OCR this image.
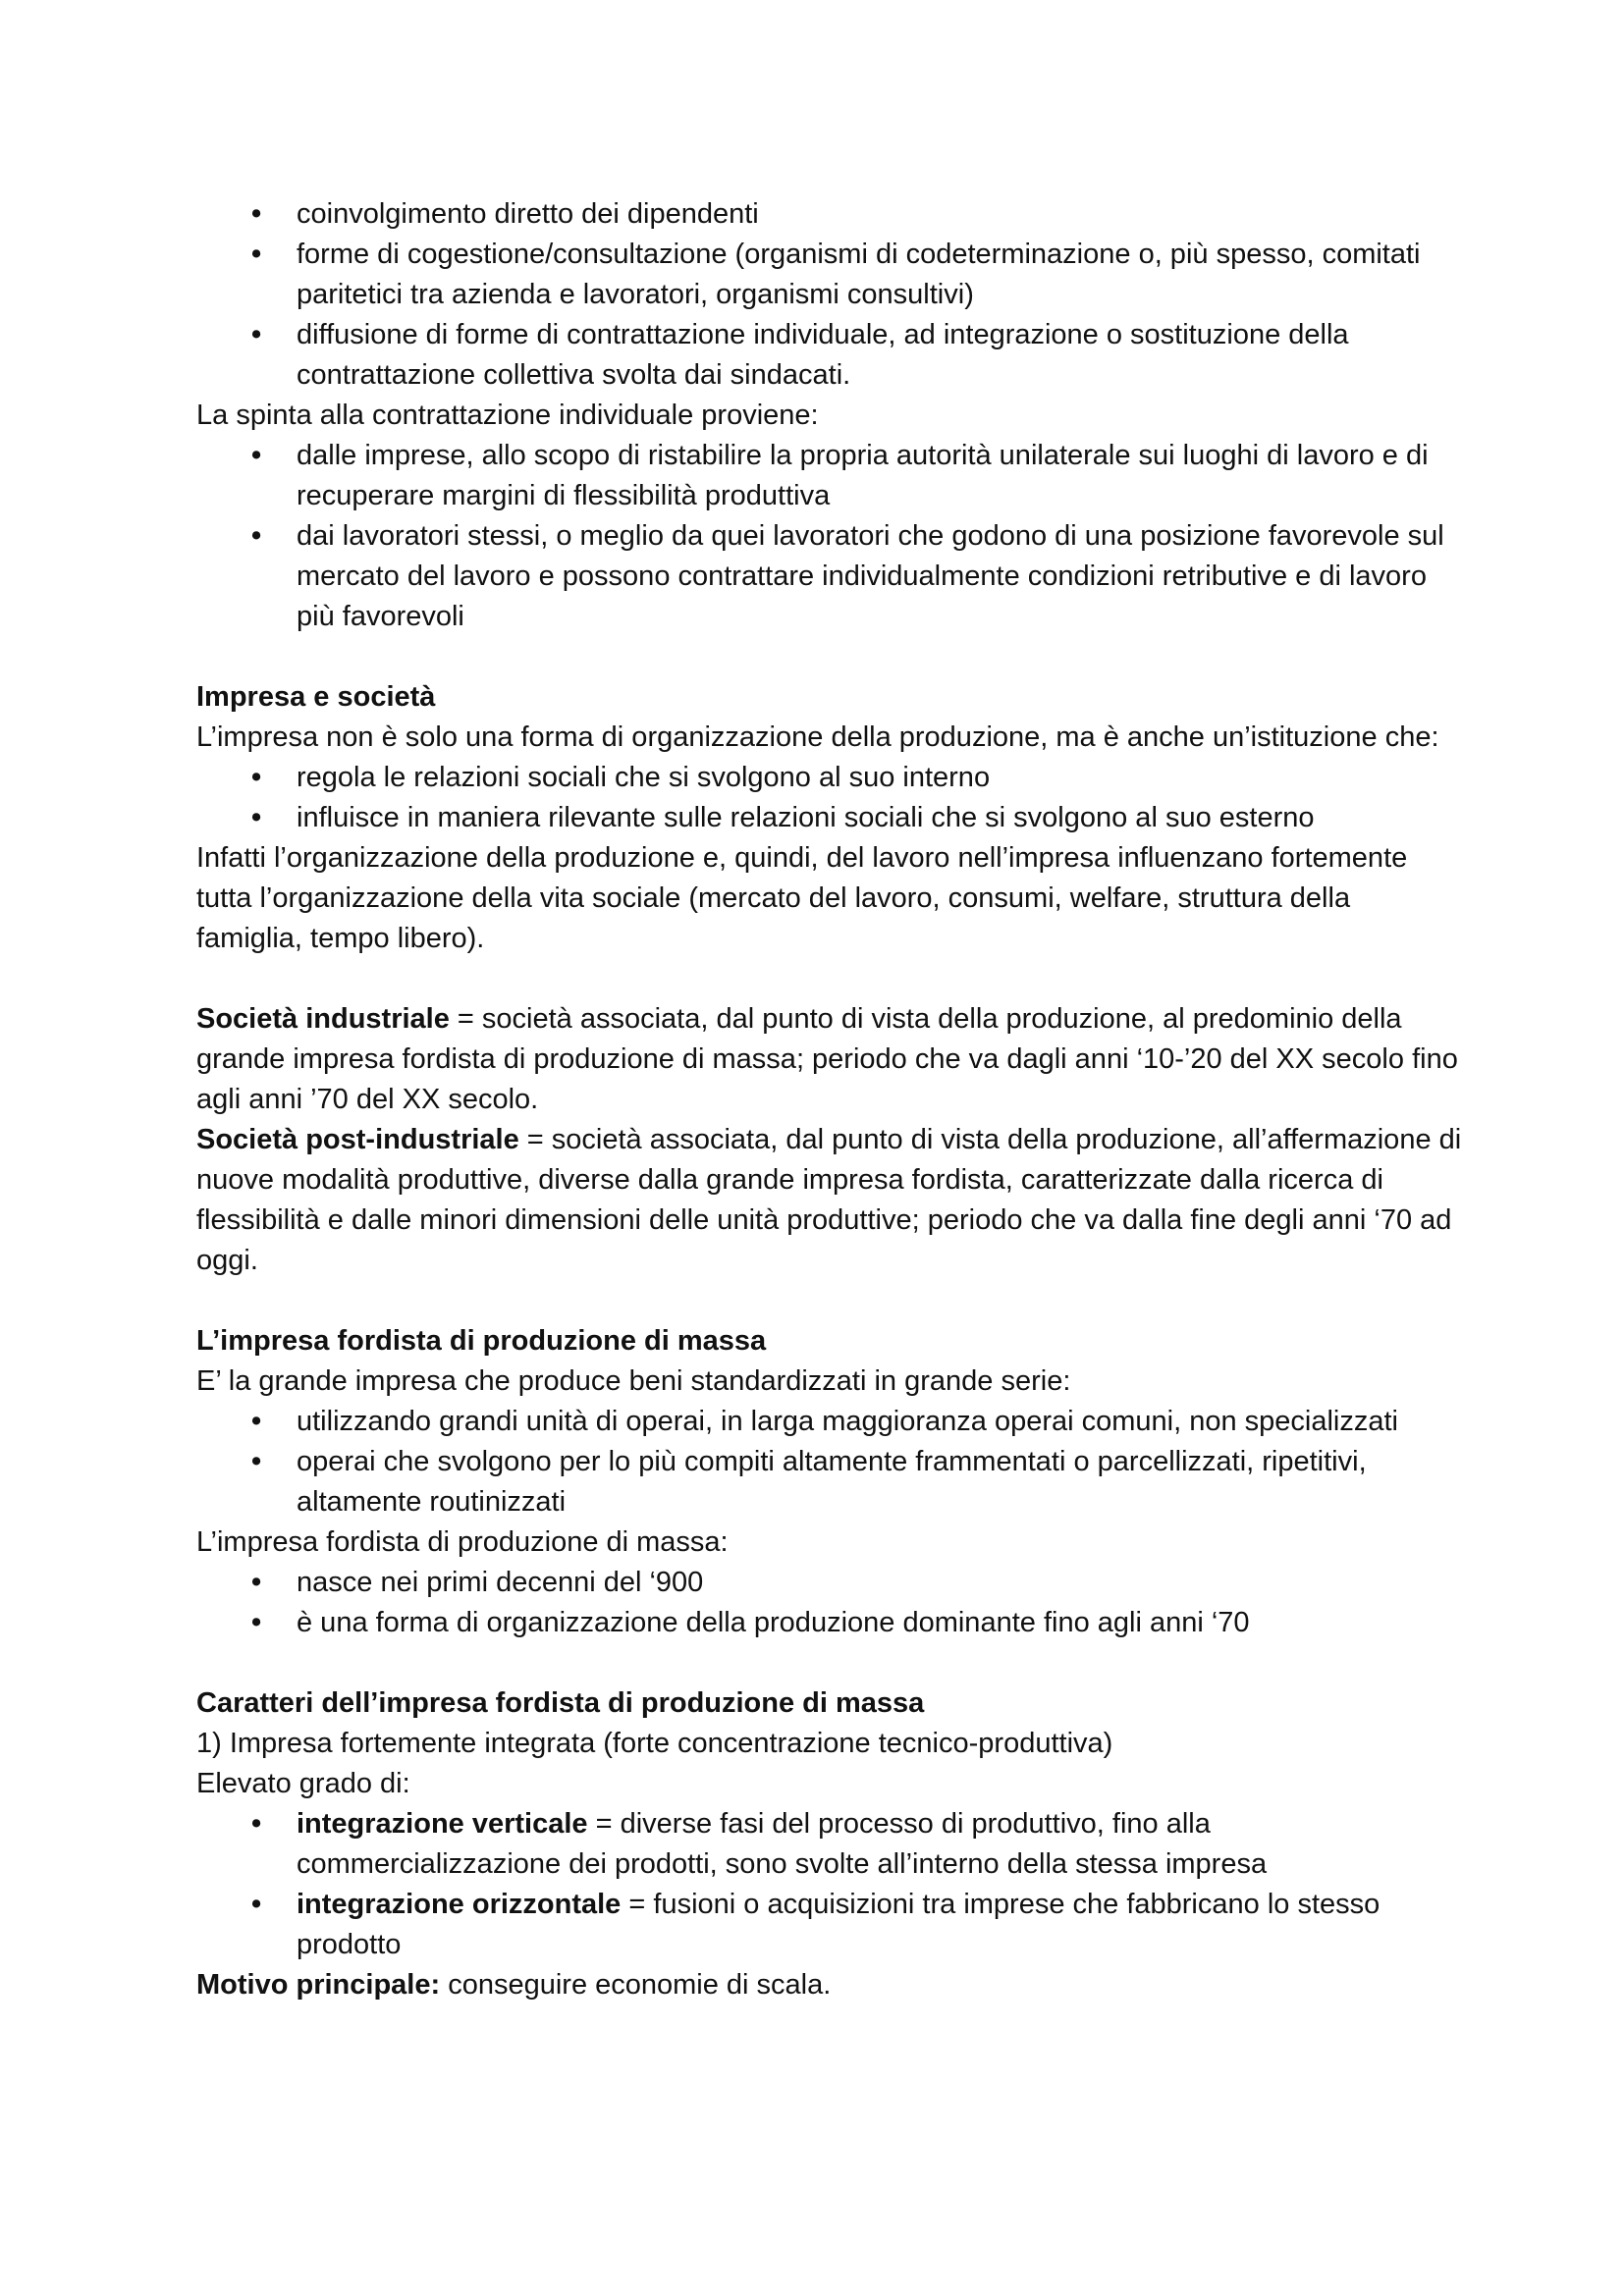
• coinvolgimento diretto dei dipendenti
• forme di cogestione/consultazione (organismi di codeterminazione o, più spesso, comitati paritetici tra azienda e lavoratori, organismi consultivi)
• diffusione di forme di contrattazione individuale, ad integrazione o sostituzione della contrattazione collettiva svolta dai sindacati.

La spinta alla contrattazione individuale proviene:

• dalle imprese, allo scopo di ristabilire la propria autorità unilaterale sui luoghi di lavoro e di recuperare margini di flessibilità produttiva
• dai lavoratori stessi, o meglio da quei lavoratori che godono di una posizione favorevole sul mercato del lavoro e possono contrattare individualmente condizioni retributive e di lavoro più favorevoli

Impresa e società

L’impresa non è solo una forma di organizzazione della produzione, ma è anche un’istituzione che:

• regola le relazioni sociali che si svolgono al suo interno
• influisce in maniera rilevante sulle relazioni sociali che si svolgono al suo esterno

Infatti l’organizzazione della produzione e, quindi, del lavoro nell’impresa influenzano fortemente tutta l’organizzazione della vita sociale (mercato del lavoro, consumi, welfare, struttura della famiglia, tempo libero).

Società industriale = società associata, dal punto di vista della produzione, al predominio della grande impresa fordista di produzione di massa; periodo che va dagli anni ‘10-’20 del XX secolo fino agli anni ’70 del XX secolo.

Società post-industriale = società associata, dal punto di vista della produzione, all’affermazione di nuove modalità produttive, diverse dalla grande impresa fordista, caratterizzate dalla ricerca di flessibilità e dalle minori dimensioni delle unità produttive; periodo che va dalla fine degli anni ‘70 ad oggi.

L’impresa fordista di produzione di massa

E’ la grande impresa che produce beni standardizzati in grande serie:

• utilizzando grandi unità di operai, in larga maggioranza operai comuni, non specializzati
• operai che svolgono per lo più compiti altamente frammentati o parcellizzati, ripetitivi, altamente routinizzati

L’impresa fordista di produzione di massa:

• nasce nei primi decenni del ‘900
• è una forma di organizzazione della produzione dominante fino agli anni ‘70

Caratteri dell’impresa fordista di produzione di massa

1) Impresa fortemente integrata (forte concentrazione tecnico-produttiva)

Elevato grado di:

• integrazione verticale = diverse fasi del processo di produttivo, fino alla commercializzazione dei prodotti, sono svolte all’interno della stessa impresa
• integrazione orizzontale = fusioni o acquisizioni tra imprese che fabbricano lo stesso prodotto

Motivo principale: conseguire economie di scala.
